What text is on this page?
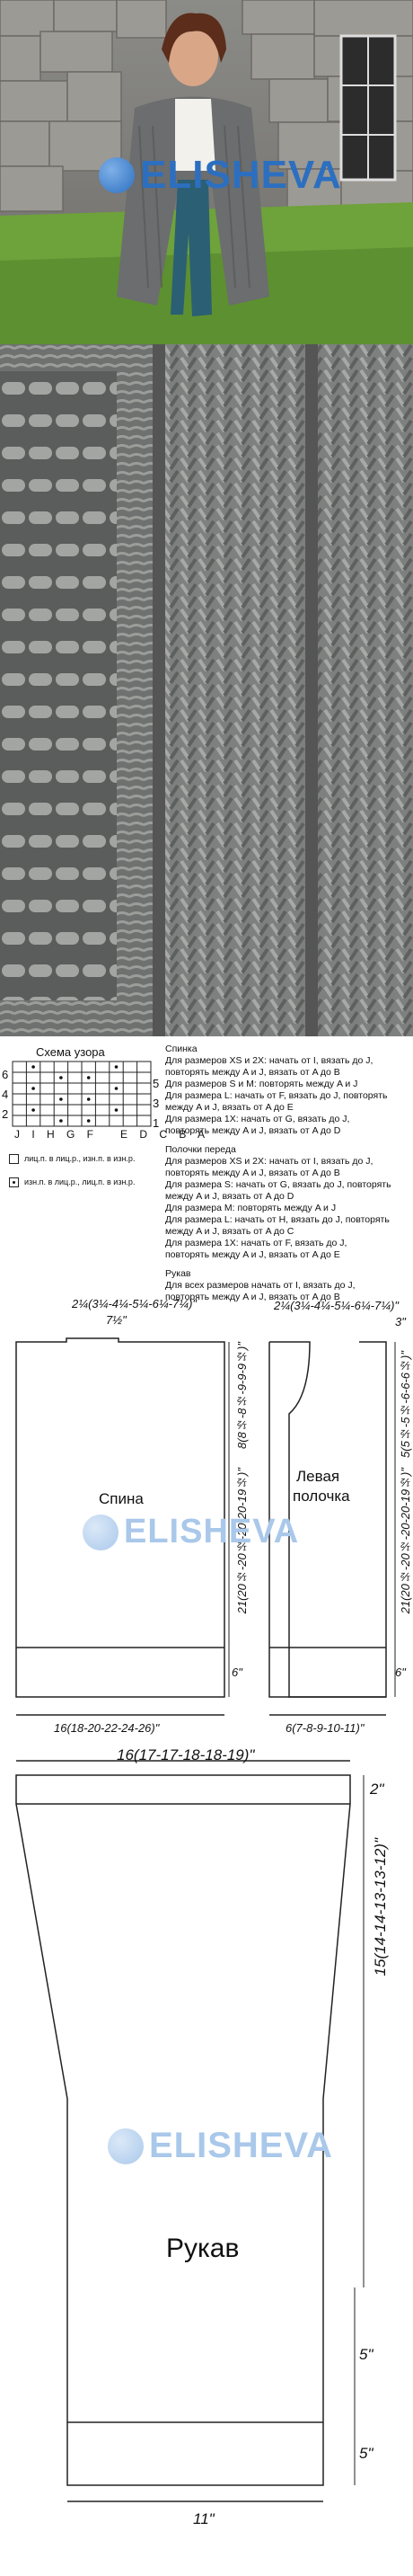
ELISHEVA
Схема узора
6
4
2
5
3
1
J I H G F   E D C B A
лиц.п. в лиц.р., изн.п. в изн.р.
изн.п. в лиц.р., лиц.п. в изн.р.
Спинка
Для размеров XS и 2X: начать от I, вязать до J,
повторять между A и J, вязать от A до B
Для размеров S и M: повторять между A и J
Для размера L: начать от F, вязать до J, повторять
между A и J, вязать от A до E
Для размера 1X: начать от G, вязать до J,
повторять между A и J, вязать от A до D
Полочки переда
Для размеров XS и 2X: начать от I, вязать до J,
повторять между A и J, вязать от A до B
Для размера S: начать от G, вязать до J, повторять
между A и J, вязать от A до D
Для размера M: повторять между A и J
Для размера L: начать от H, вязать до J, повторять
между A и J, вязать от A до C
Для размера 1X: начать от F, вязать до J,
повторять между A и J, вязать от A до E
Рукав
Для всех размеров начать от I, вязать до J,
повторять между A и J, вязать от A до B
2¼(3¼-4¼-5¼-6¼-7¼)"
7½"
8(8½-8½-9-9-9½)"
21(20½-20½-20-20-19½)"
6"
Спина
16(18-20-22-24-26)"
2¼(3¼-4¼-5¼-6¼-7¼)"
3"
5(5½-5½-6-6-6½)"
21(20½-20½-20-20-19½)"
6"
Левая
полочка
6(7-8-9-10-11)"
ELISHEVA
16(17-17-18-18-19)"
2"
15(14-14-13-13-12)"
5"
5"
Рукав
11"
ELISHEVA
